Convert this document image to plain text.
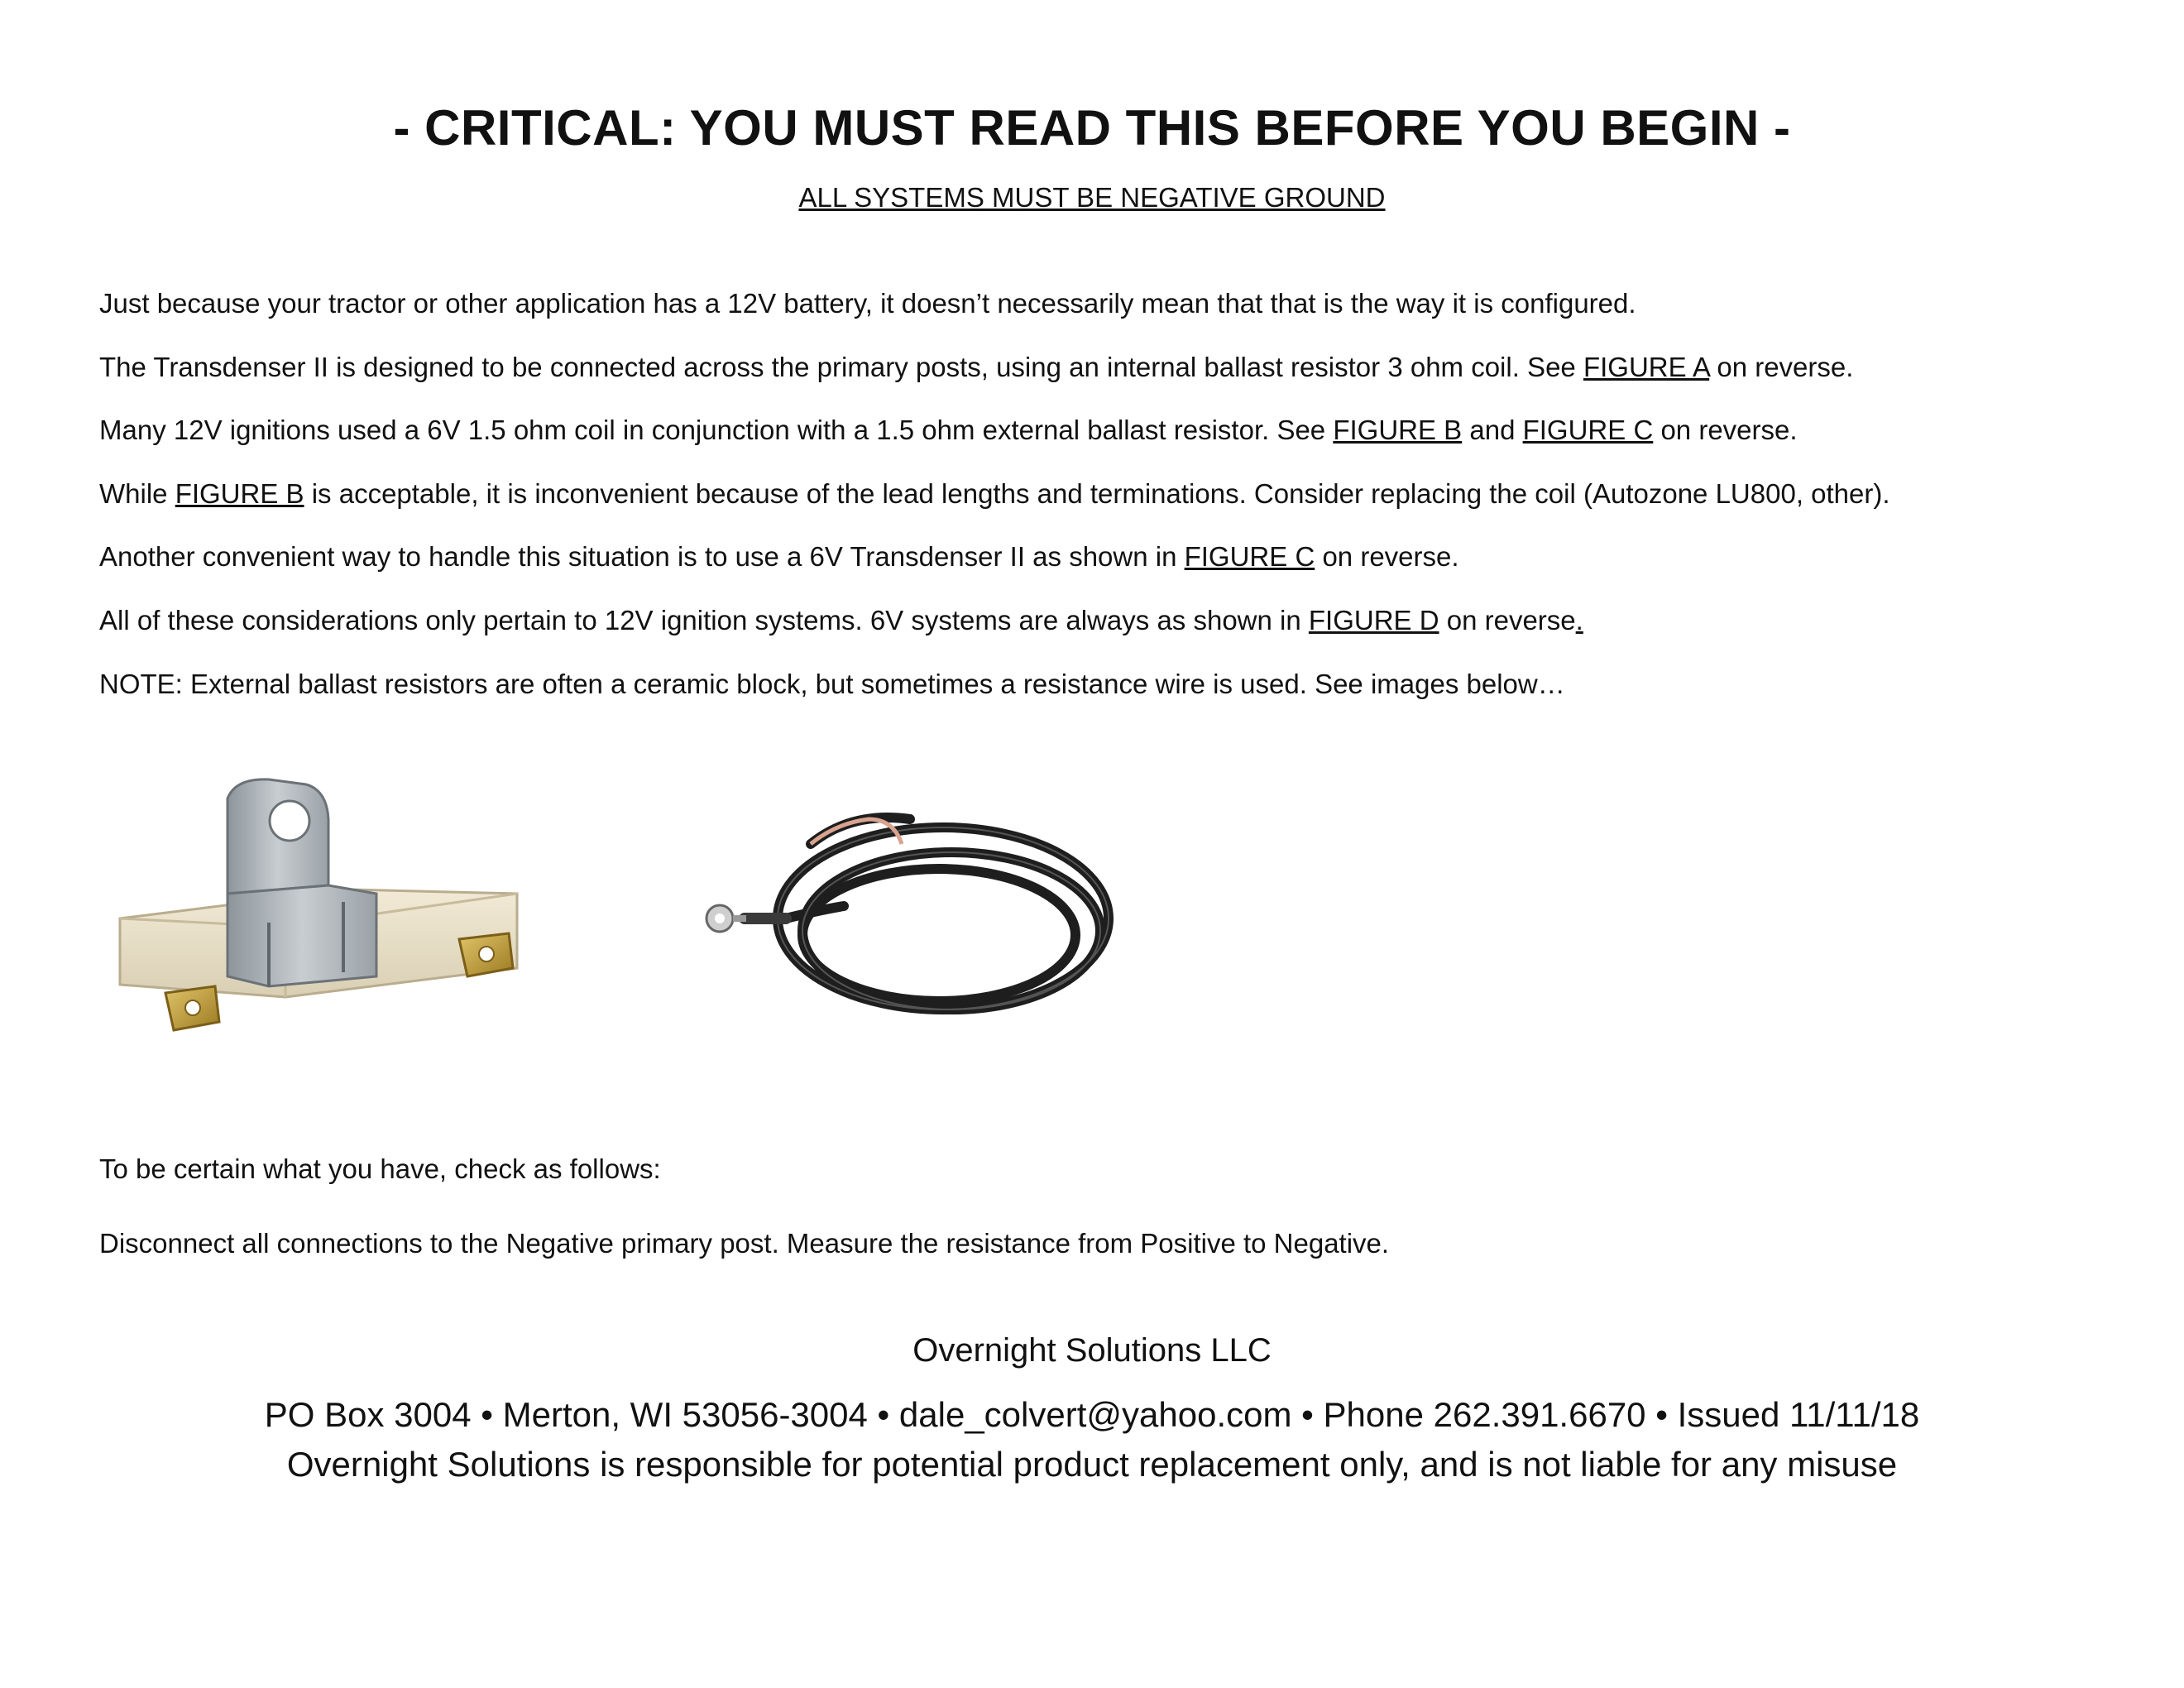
- CRITICAL: YOU MUST READ THIS BEFORE YOU BEGIN -
ALL SYSTEMS MUST BE NEGATIVE GROUND
Just because your tractor or other application has a 12V battery, it doesn’t necessarily mean that that is the way it is configured.
The Transdenser II is designed to be connected across the primary posts, using an internal ballast resistor 3 ohm coil. See FIGURE A on reverse.
Many 12V ignitions used a 6V 1.5 ohm coil in conjunction with a 1.5 ohm external ballast resistor. See FIGURE B and FIGURE C on reverse.
While FIGURE B is acceptable, it is inconvenient because of the lead lengths and terminations. Consider replacing the coil (Autozone LU800, other).
Another convenient way to handle this situation is to use a 6V Transdenser II as shown in FIGURE C on reverse.
All of these considerations only pertain to 12V ignition systems. 6V systems are always as shown in FIGURE D on reverse.
NOTE: External ballast resistors are often a ceramic block, but sometimes a resistance wire is used. See images below…
To be certain what you have, check as follows:
Disconnect all connections to the Negative primary post. Measure the resistance from Positive to Negative.
Overnight Solutions LLC
PO Box 3004 • Merton, WI 53056-3004 • dale_colvert@yahoo.com • Phone 262.391.6670 • Issued 11/11/18
Overnight Solutions is responsible for potential product replacement only, and is not liable for any misuse
